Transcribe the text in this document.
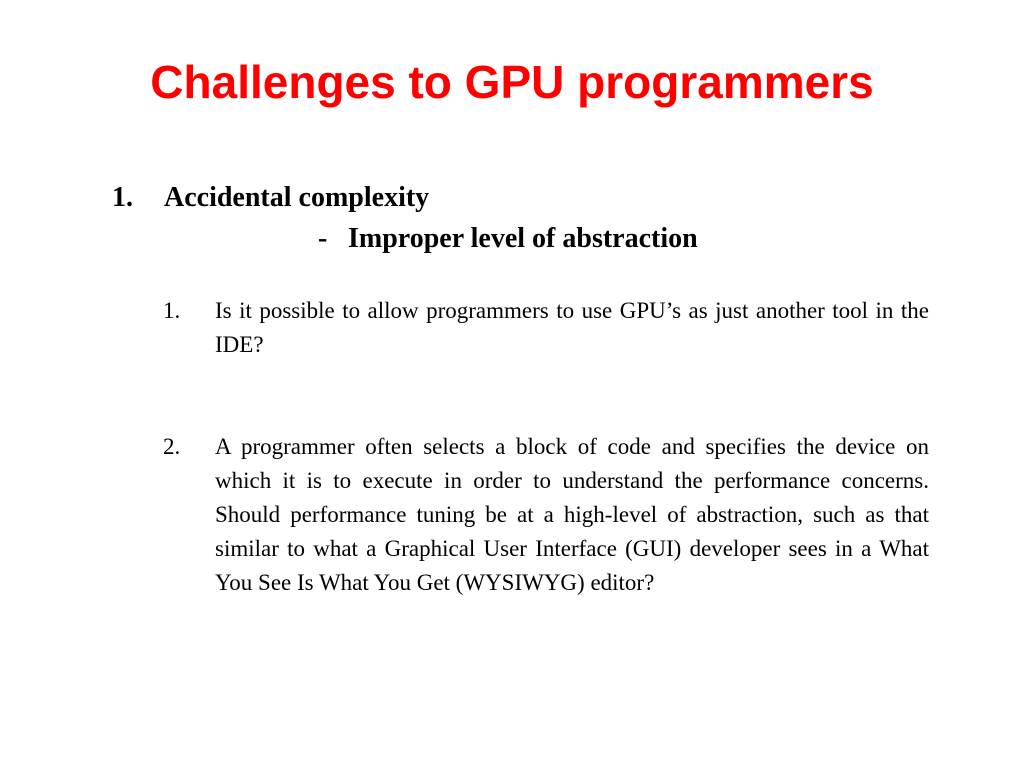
Challenges to GPU programmers
1. Accidental complexity
- Improper level of abstraction
1.	Is it possible to allow programmers to use GPU’s as just another tool in the IDE?
2.	A programmer often selects a block of code and specifies the device on which it is to execute in order to understand the performance concerns. Should performance tuning be at a high-level of abstraction, such as that similar to what a Graphical User Interface (GUI) developer sees in a What You See Is What You Get (WYSIWYG) editor?
